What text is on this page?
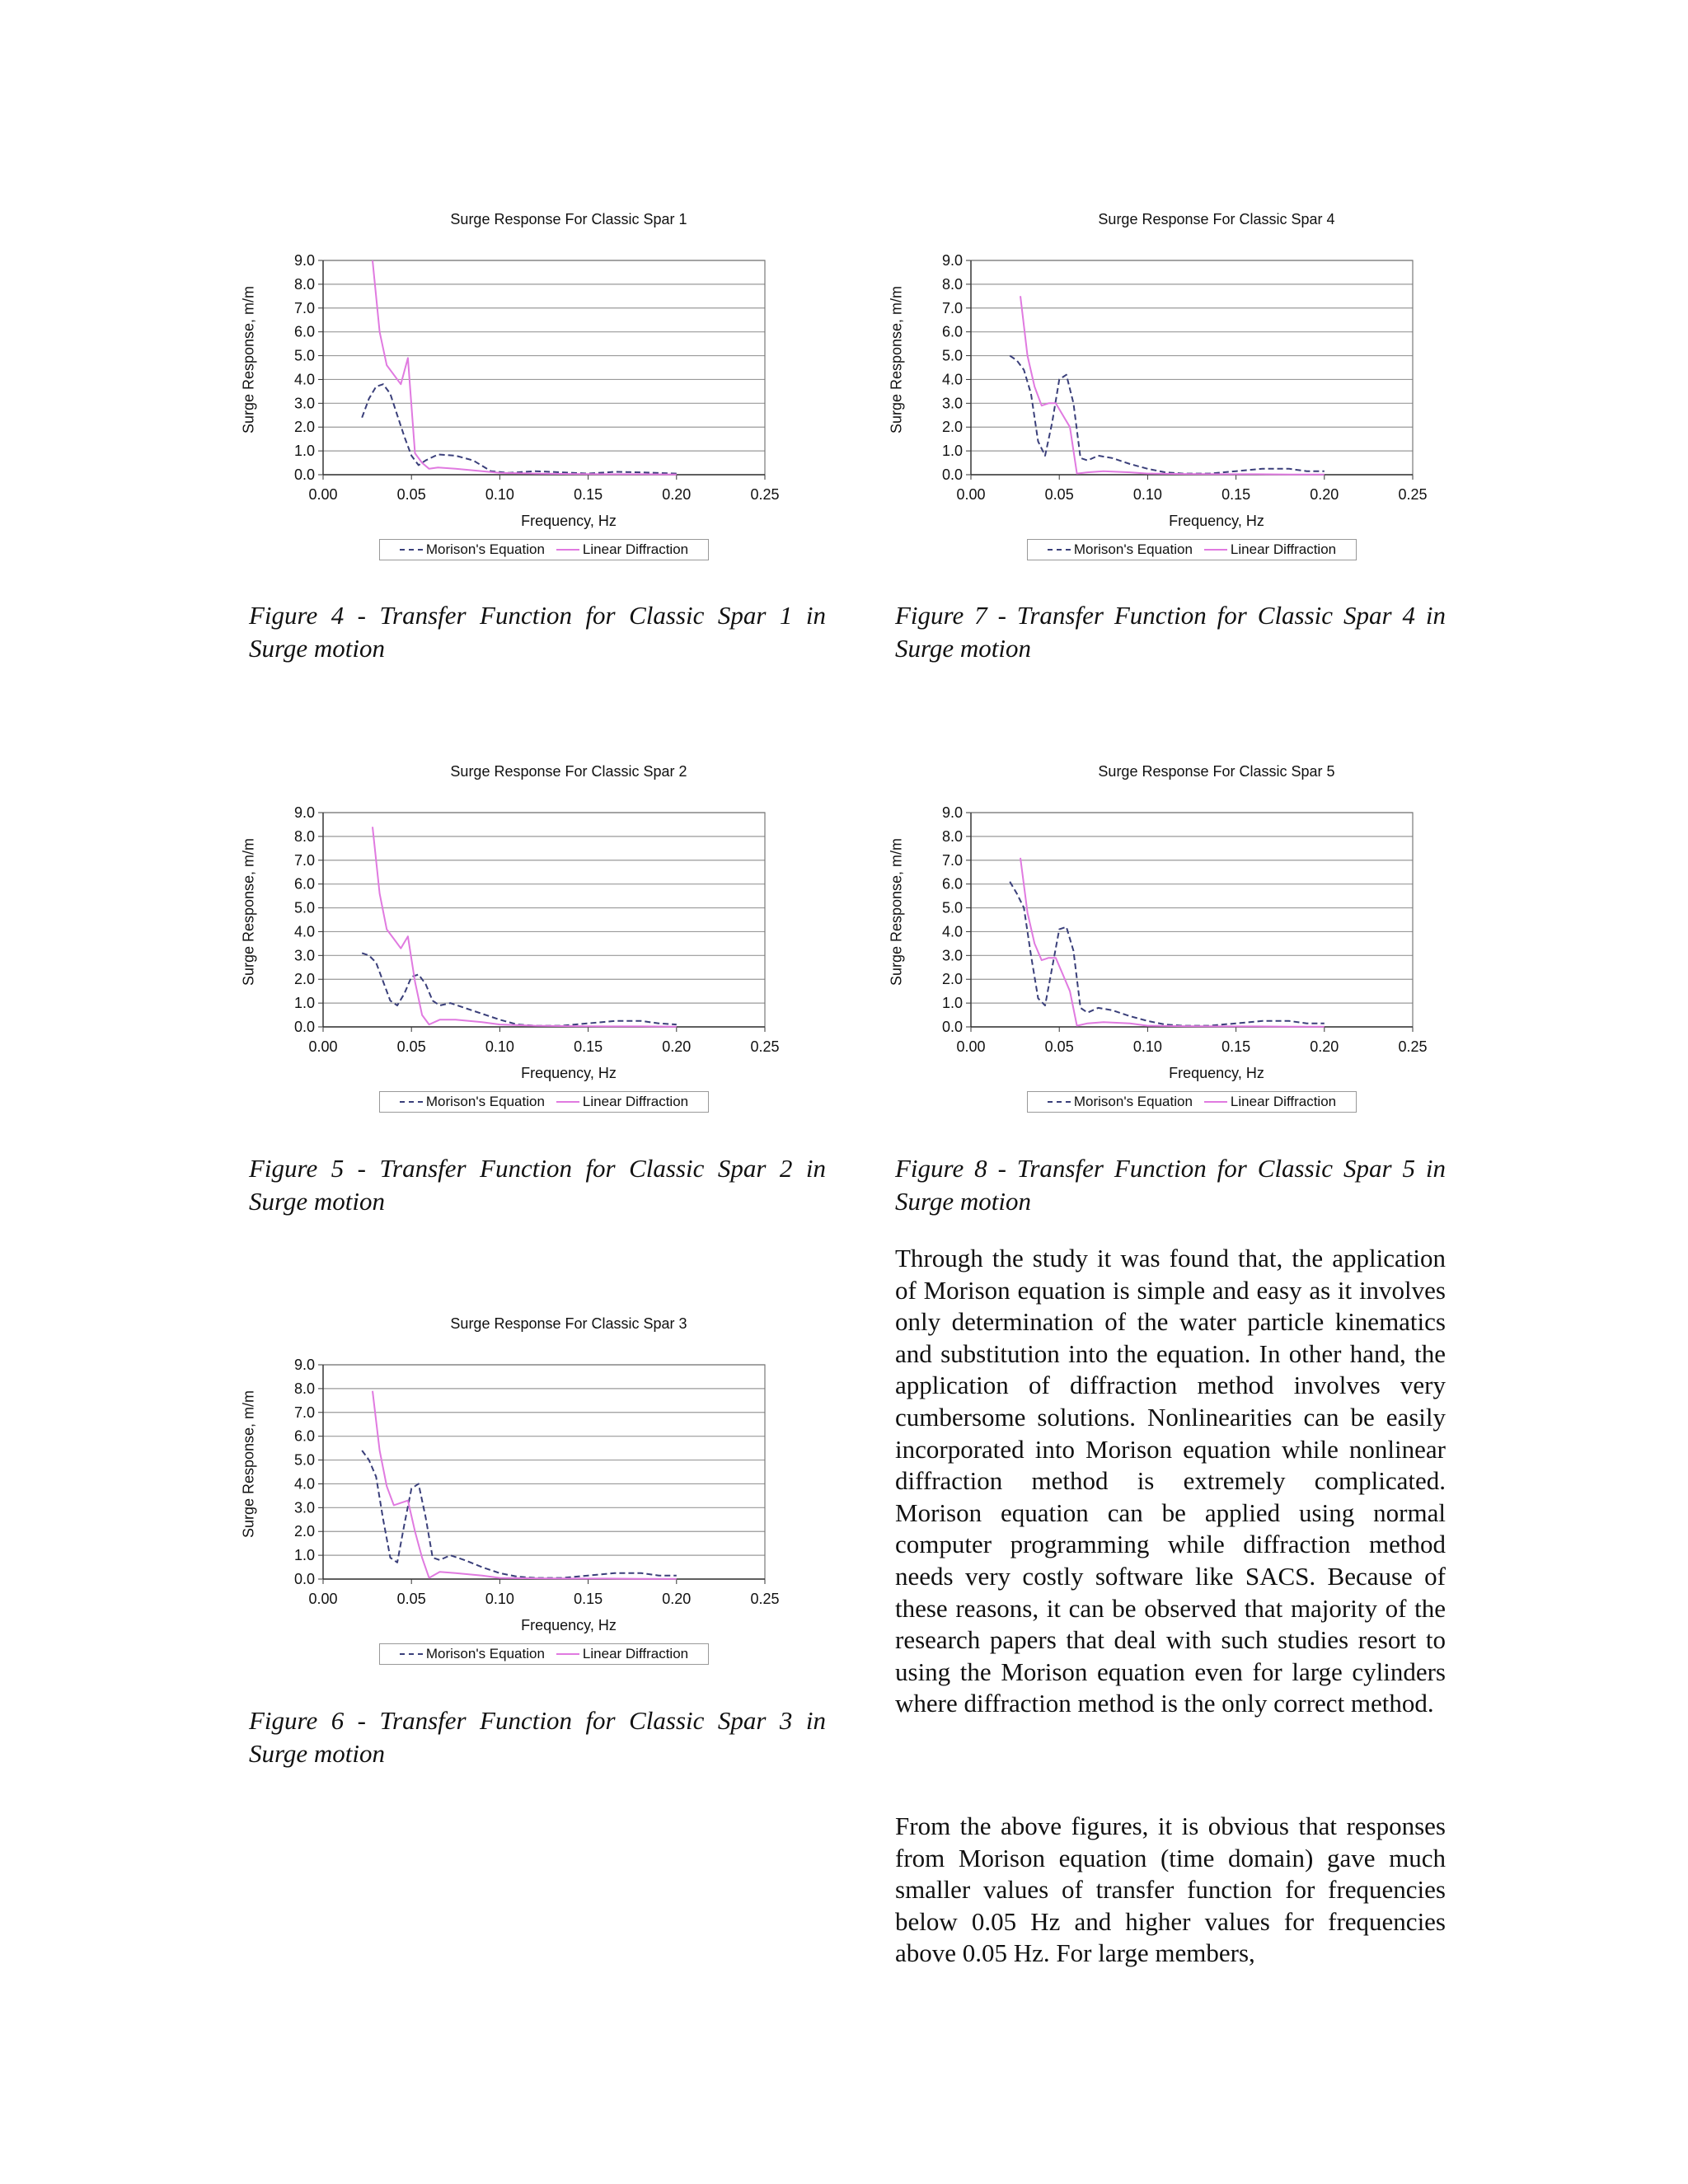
Surge Response For Classic Spar 1
0.0
1.0
2.0
3.0
4.0
5.0
6.0
7.0
8.0
9.0
0.00	0.05	0.10	0.15	0.20	0.25
Surge Response, m/m
Frequency, Hz
Morison's Equation	Linear Diffraction
Surge Response For Classic Spar 4
0.0
1.0
2.0
3.0
4.0
5.0
6.0
7.0
8.0
9.0
0.00	0.05	0.10	0.15	0.20	0.25
Surge Response, m/m
Frequency, Hz
Morison's Equation	Linear Diffraction
Figure 4 - Transfer Function for Classic Spar 1 in Surge motion
Figure 7 - Transfer Function for Classic Spar 4 in Surge motion
Surge Response For Classic Spar 2
0.0
1.0
2.0
3.0
4.0
5.0
6.0
7.0
8.0
9.0
0.00	0.05	0.10	0.15	0.20	0.25
Surge Response, m/m
Frequency, Hz
Morison's Equation	Linear Diffraction
Surge Response For Classic Spar 5
0.0
1.0
2.0
3.0
4.0
5.0
6.0
7.0
8.0
9.0
0.00	0.05	0.10	0.15	0.20	0.25
Surge Response, m/m
Frequency, Hz
Morison's Equation	Linear Diffraction
Figure 5 - Transfer Function for Classic Spar 2 in Surge motion
Figure 8 - Transfer Function for Classic Spar 5 in Surge motion
Surge Response For Classic Spar 3
0.0
1.0
2.0
3.0
4.0
5.0
6.0
7.0
8.0
9.0
0.00	0.05	0.10	0.15	0.20	0.25
Surge Response, m/m
Frequency, Hz
Morison's Equation	Linear Diffraction
Figure 6 - Transfer Function for Classic Spar 3 in Surge motion

Through the study it was found that, the application of Morison equation is simple and easy as it involves only determination of the water particle kinematics and substitution into the equation. In other hand, the application of diffraction method involves very cumbersome solutions. Nonlinearities can be easily incorporated into Morison equation while nonlinear diffraction method is extremely complicated. Morison equation can be applied using normal computer programming while diffraction method needs very costly software like SACS. Because of these reasons, it can be observed that majority of the research papers that deal with such studies resort to using the Morison equation even for large cylinders where diffraction method is the only correct method.

From the above figures, it is obvious that responses from Morison equation (time domain) gave much smaller values of transfer function for frequencies below 0.05 Hz and higher values for frequencies above 0.05 Hz. For large members,
